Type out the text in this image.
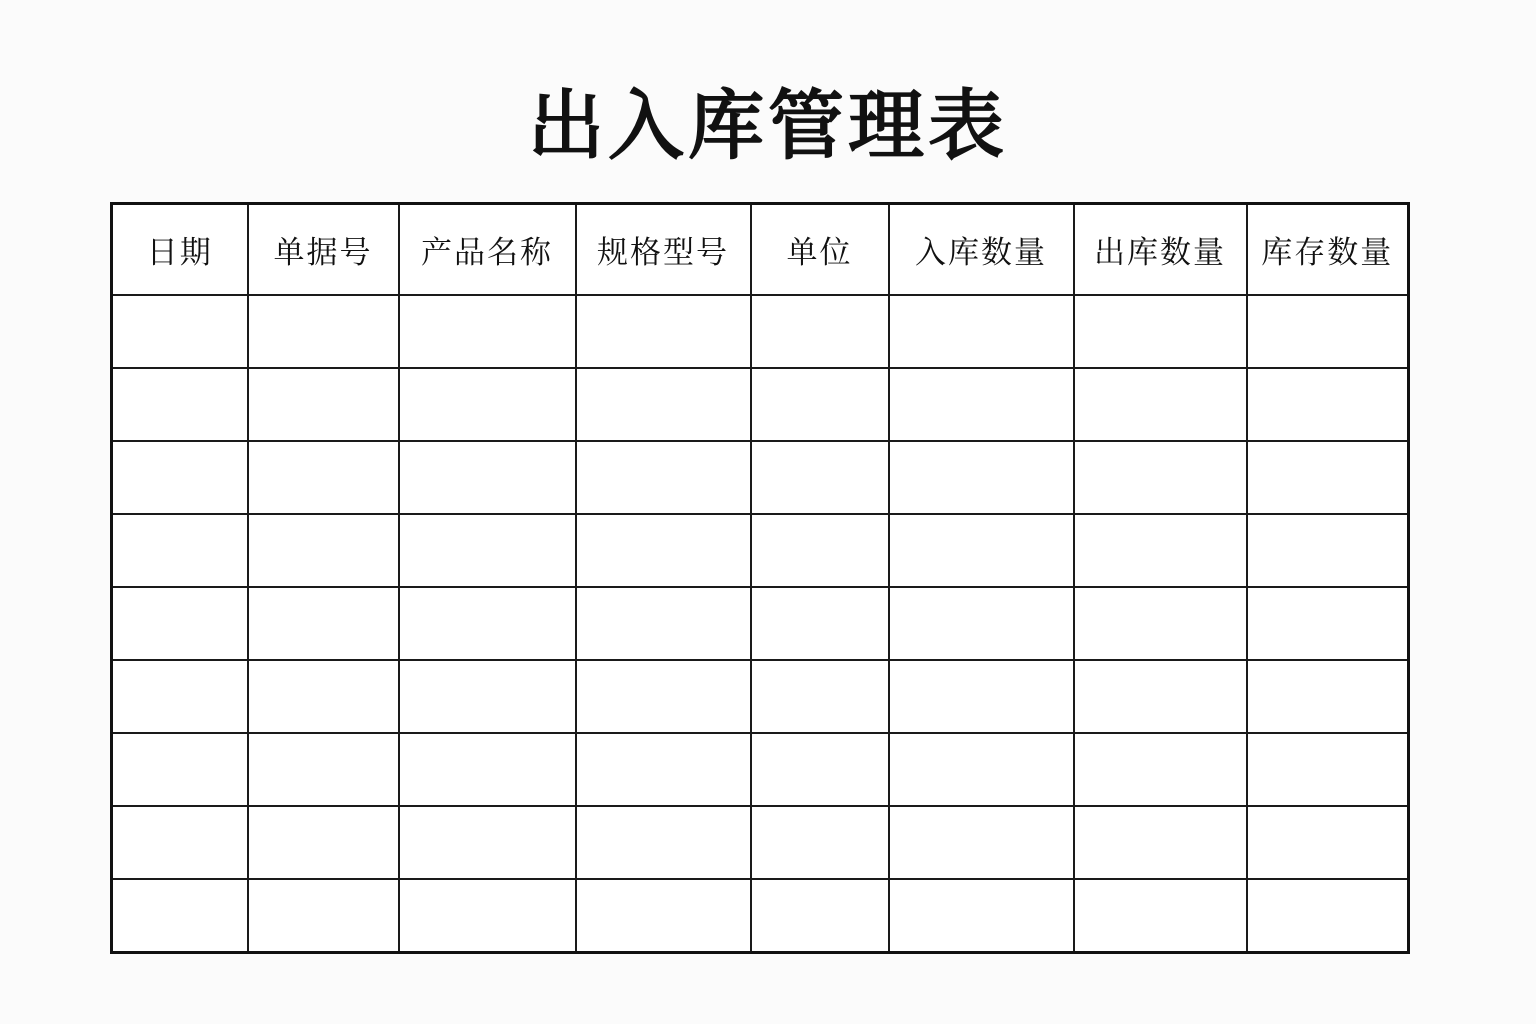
出入库管理表
日期	单据号	产品名称	规格型号	单位	入库数量	出库数量	库存数量
